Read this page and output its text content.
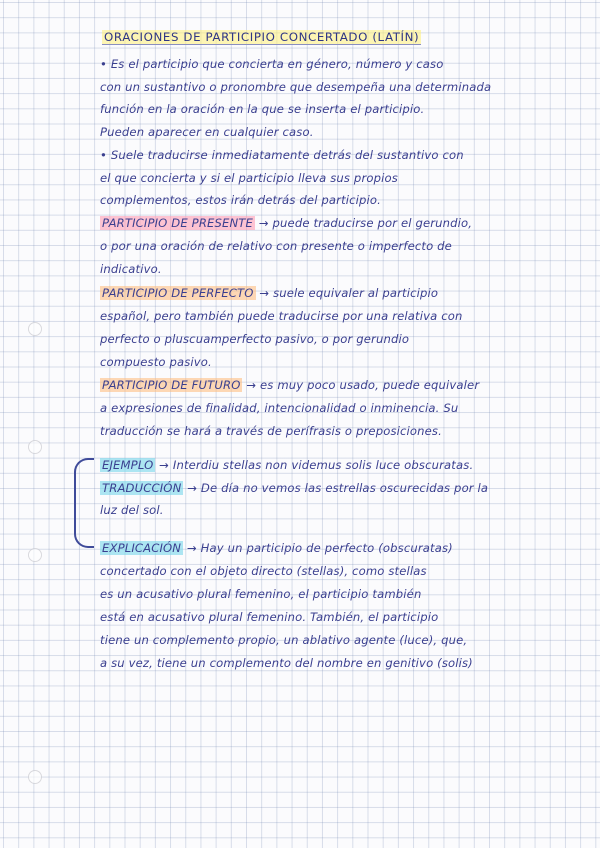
ORACIONES DE PARTICIPIO CONCERTADO (LATÍN)
• Es el participio que concierta en género, número y caso
con un sustantivo o pronombre que desempeña una determinada
función en la oración en la que se inserta el participio.
Pueden aparecer en cualquier caso.
• Suele traducirse inmediatamente detrás del sustantivo con
el que concierta y si el participio lleva sus propios
complementos, estos irán detrás del participio.
PARTICIPIO DE PRESENTE → puede traducirse por el gerundio,
o por una oración de relativo con presente o imperfecto de
indicativo.
PARTICIPIO DE PERFECTO → suele equivaler al participio
español, pero también puede traducirse por una relativa con
perfecto o pluscuamperfecto pasivo, o por gerundio
compuesto pasivo.
PARTICIPIO DE FUTURO → es muy poco usado, puede equivaler
a expresiones de finalidad, intencionalidad o inminencia. Su
traducción se hará a través de perífrasis o preposiciones.
EJEMPLO → Interdiu stellas non videmus solis luce obscuratas.
TRADUCCIÓN → De día no vemos las estrellas oscurecidas por la
luz del sol.
EXPLICACIÓN → Hay un participio de perfecto (obscuratas)
concertado con el objeto directo (stellas), como stellas
es un acusativo plural femenino, el participio también
está en acusativo plural femenino. También, el participio
tiene un complemento propio, un ablativo agente (luce), que,
a su vez, tiene un complemento del nombre en genitivo (solis)
